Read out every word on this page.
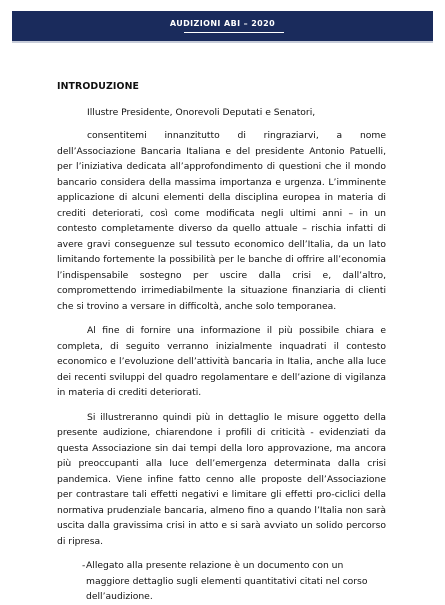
AUDIZIONI ABI – 2020
INTRODUZIONE

Illustre Presidente, Onorevoli Deputati e Senatori,

consentitemi innanzitutto di ringraziarvi, a nome dell’Associazione Bancaria Italiana e del presidente Antonio Patuelli, per l’iniziativa dedicata all’approfondimento di questioni che il mondo bancario considera della massima importanza e urgenza. L’imminente applicazione di alcuni elementi della disciplina europea in materia di crediti deteriorati, così come modificata negli ultimi anni – in un contesto completamente diverso da quello attuale – rischia infatti di avere gravi conseguenze sul tessuto economico dell’Italia, da un lato limitando fortemente la possibilità per le banche di offrire all’economia l’indispensabile sostegno per uscire dalla crisi e, dall’altro, compromettendo irrimediabilmente la situazione finanziaria di clienti che si trovino a versare in difficoltà, anche solo temporanea.

Al fine di fornire una informazione il più possibile chiara e completa, di seguito verranno inizialmente inquadrati il contesto economico e l’evoluzione dell’attività bancaria in Italia, anche alla luce dei recenti sviluppi del quadro regolamentare e dell’azione di vigilanza in materia di crediti deteriorati.

Si illustreranno quindi più in dettaglio le misure oggetto della presente audizione, chiarendone i profili di criticità - evidenziati da questa Associazione sin dai tempi della loro approvazione, ma ancora più preoccupanti alla luce dell’emergenza determinata dalla crisi pandemica. Viene infine fatto cenno alle proposte dell’Associazione per contrastare tali effetti negativi e limitare gli effetti pro-ciclici della normativa prudenziale bancaria, almeno fino a quando l’Italia non sarà uscita dalla gravissima crisi in atto e si sarà avviato un solido percorso di ripresa.

- Allegato alla presente relazione è un documento con un maggiore dettaglio sugli elementi quantitativi citati nel corso dell’audizione.
